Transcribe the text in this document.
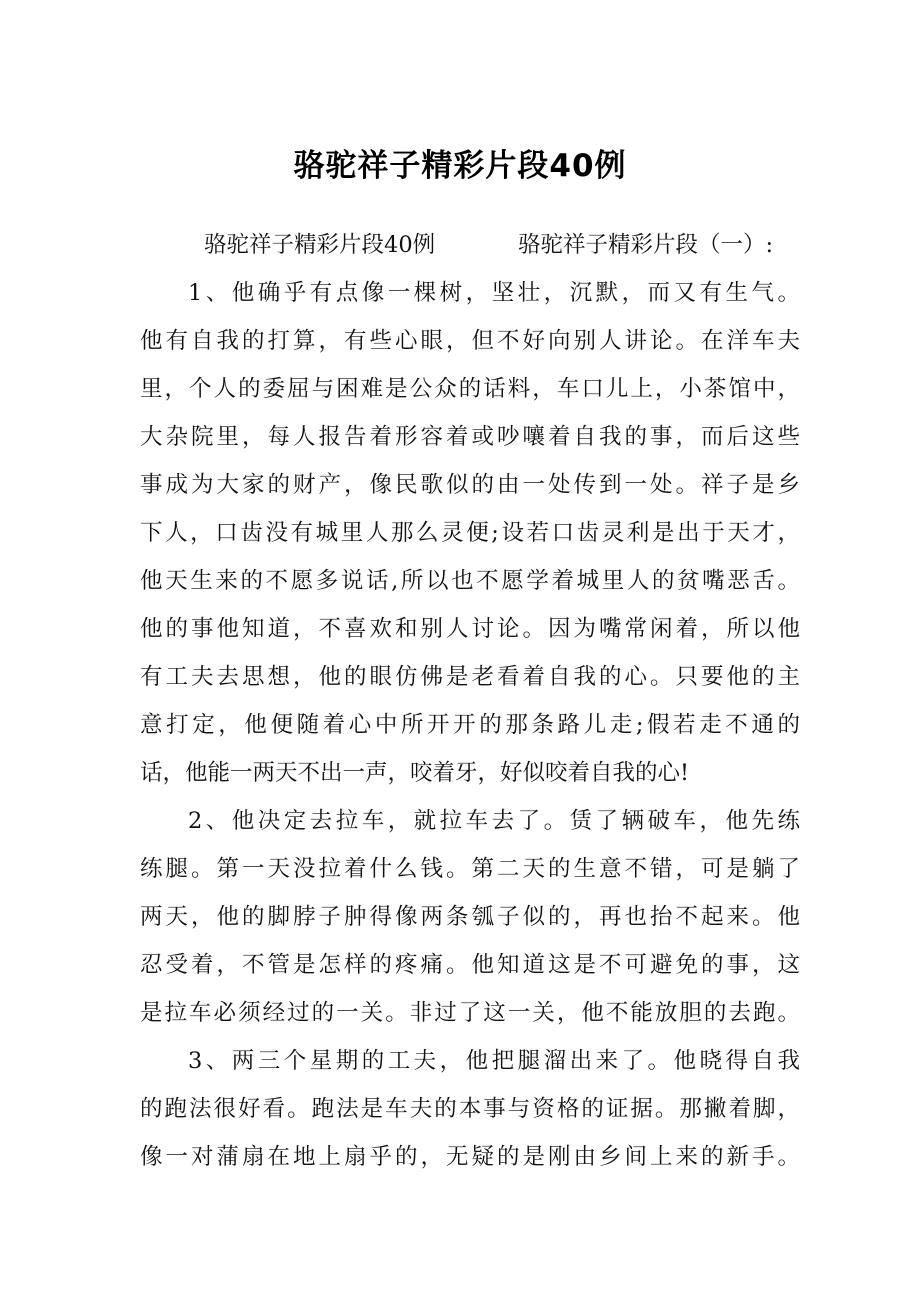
骆驼祥子精彩片段40例
骆驼祥子精彩片段40例	骆驼祥子精彩片段（一）:
1、他确乎有点像一棵树，坚壮，沉默，而又有生气。
他有自我的打算，有些心眼，但不好向别人讲论。在洋车夫
里，个人的委屈与困难是公众的话料，车口儿上，小茶馆中，
大杂院里，每人报告着形容着或吵嚷着自我的事，而后这些
事成为大家的财产，像民歌似的由一处传到一处。祥子是乡
下人，口齿没有城里人那么灵便;设若口齿灵利是出于天才，
他天生来的不愿多说话,所以也不愿学着城里人的贫嘴恶舌。
他的事他知道，不喜欢和别人讨论。因为嘴常闲着，所以他
有工夫去思想，他的眼仿佛是老看着自我的心。只要他的主
意打定，他便随着心中所开开的那条路儿走;假若走不通的
话，他能一两天不出一声，咬着牙，好似咬着自我的心!
2、他决定去拉车，就拉车去了。赁了辆破车，他先练
练腿。第一天没拉着什么钱。第二天的生意不错，可是躺了
两天，他的脚脖子肿得像两条瓠子似的，再也抬不起来。他
忍受着，不管是怎样的疼痛。他知道这是不可避免的事，这
是拉车必须经过的一关。非过了这一关，他不能放胆的去跑。
3、两三个星期的工夫，他把腿溜出来了。他晓得自我
的跑法很好看。跑法是车夫的本事与资格的证据。那撇着脚，
像一对蒲扇在地上扇乎的，无疑的是刚由乡间上来的新手。
